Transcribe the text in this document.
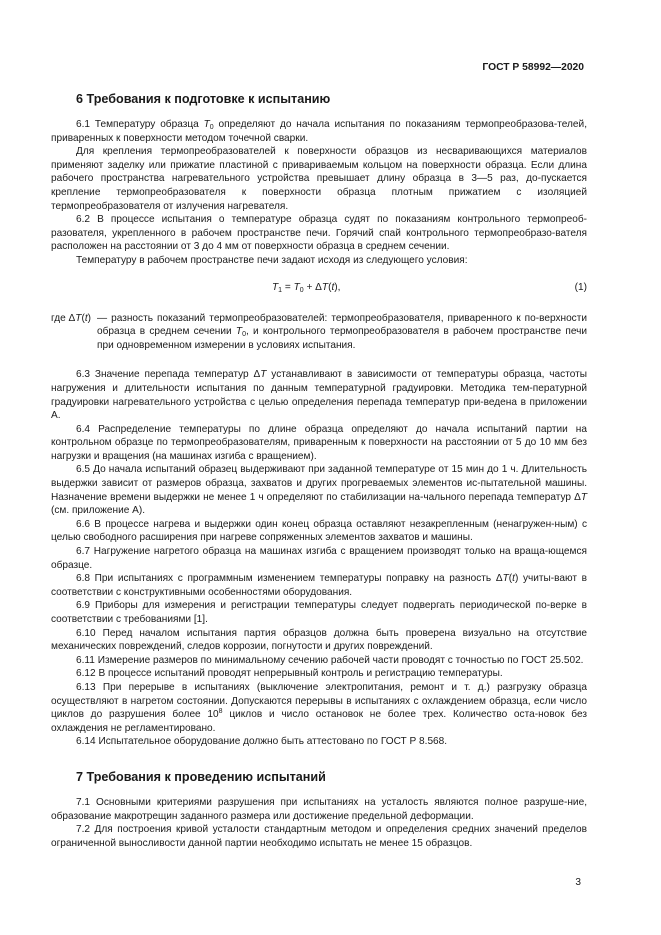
ГОСТ Р 58992—2020
6 Требования к подготовке к испытанию

6.1 Температуру образца $T_0$ определяют до начала испытания по показаниям термопреобразова-телей, приваренных к поверхности методом точечной сварки.

Для крепления термопреобразователей к поверхности образцов из несваривающихся материалов применяют заделку или прижатие пластиной с привариваемым кольцом на поверхности образца. Если длина рабочего пространства нагревательного устройства превышает длину образца в 3—5 раз, до-пускается крепление термопреобразователя к поверхности образца плотным прижатием с изоляцией термопреобразователя от излучения нагревателя.

6.2 В процессе испытания о температуре образца судят по показаниям контрольного термопреоб-разователя, укрепленного в рабочем пространстве печи. Горячий спай контрольного термопреобразо-вателя расположен на расстоянии от 3 до 4 мм от поверхности образца в среднем сечении.

Температуру в рабочем пространстве печи задают исходя из следующего условия:

$T_1 = T_0 + \Delta T(t)$,	(1)
где ΔT(t) — разность показаний термопреобразователей: термопреобразователя, приваренного к по-верхности образца в среднем сечении $T_0$, и контрольного термопреобразователя в рабочем пространстве печи при одновременном измерении в условиях испытания.

6.3 Значение перепада температур ΔT устанавливают в зависимости от температуры образца, частоты нагружения и длительности испытания по данным температурной градуировки. Методика тем-пературной градуировки нагревательного устройства с целью определения перепада температур при-ведена в приложении А.

6.4 Распределение температуры по длине образца определяют до начала испытаний партии на контрольном образце по термопреобразователям, приваренным к поверхности на расстоянии от 5 до 10 мм без нагрузки и вращения (на машинах изгиба с вращением).

6.5 До начала испытаний образец выдерживают при заданной температуре от 15 мин до 1 ч. Длительность выдержки зависит от размеров образца, захватов и других прогреваемых элементов ис-пытательной машины. Назначение времени выдержки не менее 1 ч определяют по стабилизации на-чального перепада температур ΔT (см. приложение А).

6.6 В процессе нагрева и выдержки один конец образца оставляют незакрепленным (ненагружен-ным) с целью свободного расширения при нагреве сопряженных элементов захватов и машины.

6.7 Нагружение нагретого образца на машинах изгиба с вращением производят только на враща-ющемся образце.

6.8 При испытаниях с программным изменением температуры поправку на разность ΔT(t) учиты-вают в соответствии с конструктивными особенностями оборудования.

6.9 Приборы для измерения и регистрации температуры следует подвергать периодической по-верке в соответствии с требованиями [1].

6.10 Перед началом испытания партия образцов должна быть проверена визуально на отсутствие механических повреждений, следов коррозии, погнутости и других повреждений.

6.11 Измерение размеров по минимальному сечению рабочей части проводят с точностью по ГОСТ 25.502.

6.12 В процессе испытаний проводят непрерывный контроль и регистрацию температуры.

6.13 При перерыве в испытаниях (выключение электропитания, ремонт и т. д.) разгрузку образца осуществляют в нагретом состоянии. Допускаются перерывы в испытаниях с охлаждением образца, если число циклов до разрушения более $10^8$ циклов и число остановок не более трех. Количество оста-новок без охлаждения не регламентировано.

6.14 Испытательное оборудование должно быть аттестовано по ГОСТ Р 8.568.

7 Требования к проведению испытаний

7.1 Основными критериями разрушения при испытаниях на усталость являются полное разруше-ние, образование макротрещин заданного размера или достижение предельной деформации.

7.2 Для построения кривой усталости стандартным методом и определения средних значений пределов ограниченной выносливости данной партии необходимо испытать не менее 15 образцов.

3
